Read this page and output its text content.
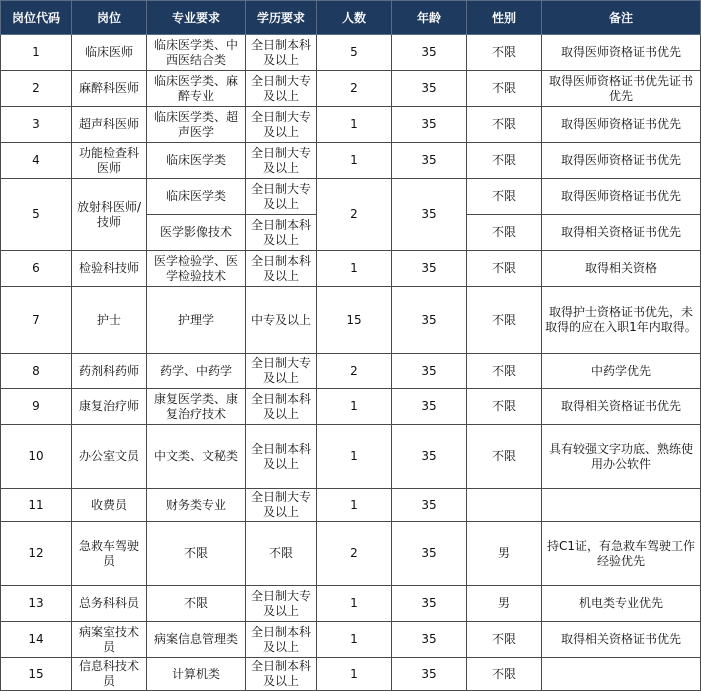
岗位代码	岗位	专业要求	学历要求	人数	年龄	性别	备注
1	临床医师	临床医学类、中西医结合类	全日制本科及以上	5	35	不限	取得医师资格证书优先
2	麻醉科医师	临床医学类、麻醉专业	全日制大专及以上	2	35	不限	取得医师资格证书优先证书优先
3	超声科医师	临床医学类、超声医学	全日制大专及以上	1	35	不限	取得医师资格证书优先
4	功能检查科医师	临床医学类	全日制大专及以上	1	35	不限	取得医师资格证书优先
5	放射科医师/技师	临床医学类	全日制大专及以上	2	35	不限	取得医师资格证书优先
		医学影像技术	全日制本科及以上			不限	取得相关资格证书优先
6	检验科技师	医学检验学、医学检验技术	全日制本科及以上	1	35	不限	取得相关资格
7	护士	护理学	中专及以上	15	35	不限	取得护士资格证书优先，未取得的应在入职1年内取得。
8	药剂科药师	药学、中药学	全日制大专及以上	2	35	不限	中药学优先
9	康复治疗师	康复医学类、康复治疗技术	全日制本科及以上	1	35	不限	取得相关资格证书优先
10	办公室文员	中文类、文秘类	全日制本科及以上	1	35	不限	具有较强文字功底、熟练使用办公软件
11	收费员	财务类专业	全日制大专及以上	1	35		
12	急救车驾驶员	不限	不限	2	35	男	持C1证，有急救车驾驶工作经验优先
13	总务科科员	不限	全日制大专及以上	1	35	男	机电类专业优先
14	病案室技术员	病案信息管理类	全日制本科及以上	1	35	不限	取得相关资格证书优先
15	信息科技术员	计算机类	全日制本科及以上	1	35	不限	
